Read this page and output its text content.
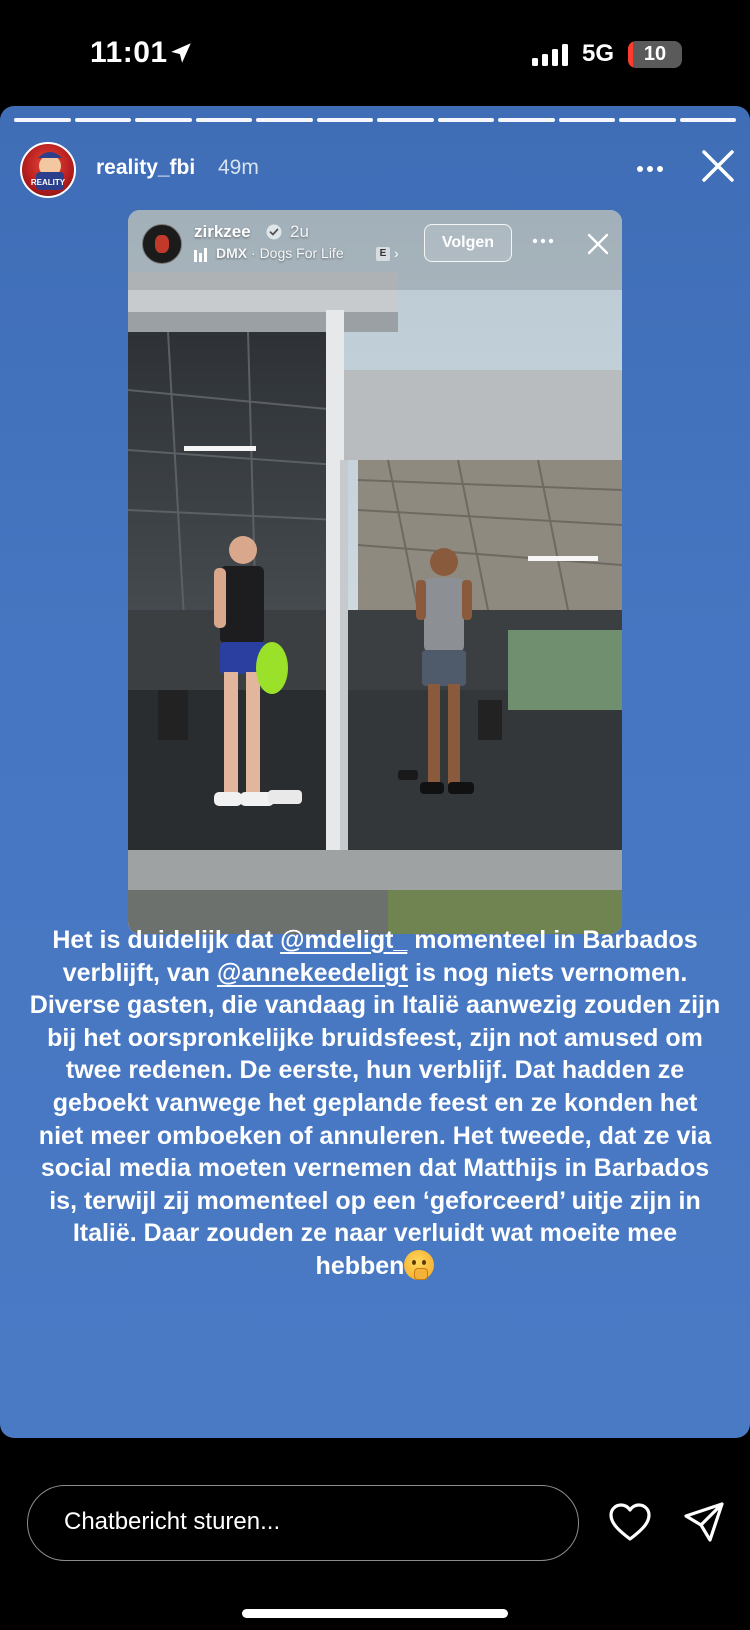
11:01	5G	10
REALITY
reality_fbi 49m
zirkzee 2u
DMX · Dogs For Life	E ›
Volgen
Het is duidelijk dat @mdeligt_ momenteel in Barbados verblijft, van @annekeedeligt is nog niets vernomen. Diverse gasten, die vandaag in Italië aanwezig zouden zijn bij het oorspronkelijke bruidsfeest, zijn not amused om twee redenen. De eerste, hun verblijf. Dat hadden ze geboekt vanwege het geplande feest en ze konden het niet meer omboeken of annuleren. Het tweede, dat ze via social media moeten vernemen dat Matthijs in Barbados is, terwijl zij momenteel op een ‘geforceerd’ uitje zijn in Italië. Daar zouden ze naar verluidt wat moeite mee hebben
Chatbericht sturen...
